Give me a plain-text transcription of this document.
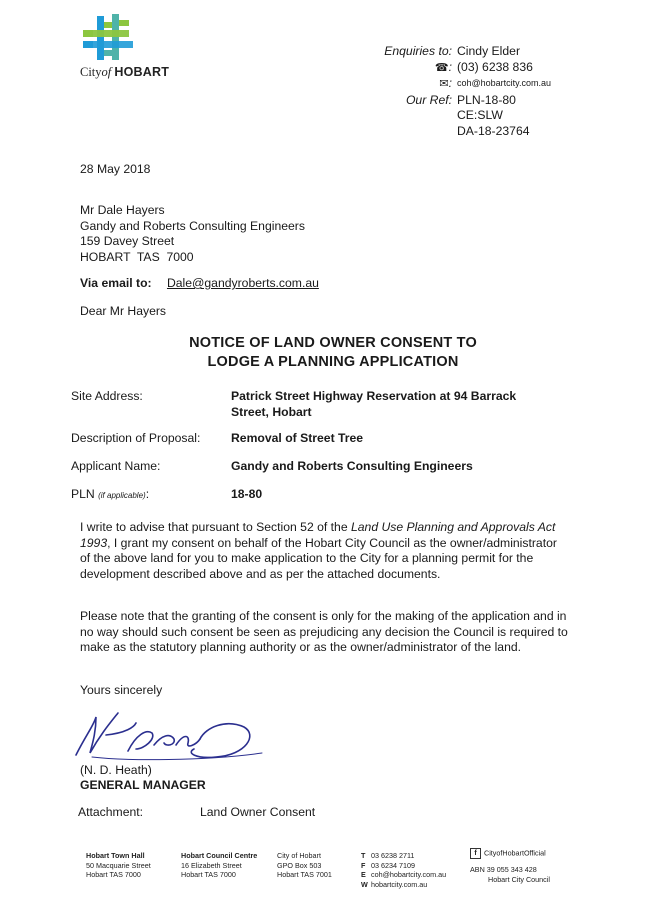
Cityof HOBART
Enquiries to: Cindy Elder
☎: (03) 6238 836
✉: coh@hobartcity.com.au
Our Ref: PLN-18-80
CE:SLW
DA-18-23764
28 May 2018
Mr Dale Hayers
Gandy and Roberts Consulting Engineers
159 Davey Street
HOBART  TAS  7000
Via email to: Dale@gandyroberts.com.au
Dear Mr Hayers
NOTICE OF LAND OWNER CONSENT TO
LODGE A PLANNING APPLICATION
Site Address:	Patrick Street Highway Reservation at 94 Barrack
Street, Hobart
Description of Proposal:	Removal of Street Tree
Applicant Name:	Gandy and Roberts Consulting Engineers
PLN (if applicable):	18-80
I write to advise that pursuant to Section 52 of the Land Use Planning and Approvals Act 1993, I grant my consent on behalf of the Hobart City Council as the owner/administrator of the above land for you to make application to the City for a planning permit for the development described above and as per the attached documents.
Please note that the granting of the consent is only for the making of the application and in no way should such consent be seen as prejudicing any decision the Council is required to make as the statutory planning authority or as the owner/administrator of the land.
Yours sincerely
(N. D. Heath)
GENERAL MANAGER
Attachment:	Land Owner Consent
Hobart Town Hall
50 Macquarie Street
Hobart TAS 7000
Hobart Council Centre
16 Elizabeth Street
Hobart TAS 7000
City of Hobart
GPO Box 503
Hobart TAS 7001
T 03 6238 2711
F 03 6234 7109
E coh@hobartcity.com.au
W hobartcity.com.au
f CityofHobartOfficial
ABN 39 055 343 428
Hobart City Council
